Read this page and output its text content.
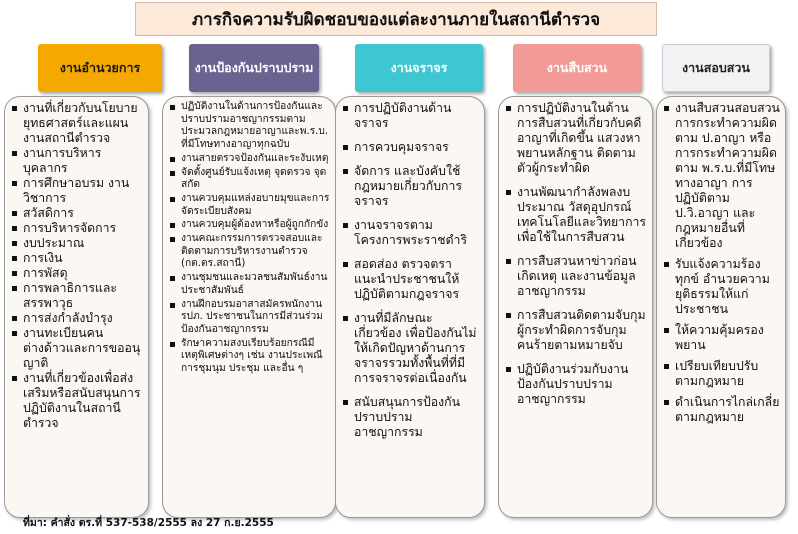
ภารกิจความรับผิดชอบของแต่ละงานภายในสถานีตำรวจ
งานอำนวยการ	งานป้องกันปราบปราม	งานจราจร	งานสืบสวน	งานสอบสวน
งานที่เกี่ยวกับนโยบายยุทธศาสตร์และแผนงานสถานีตำรวจ
งานการบริหารบุคลากร
การศึกษาอบรม งานวิชาการ
สวัสดิการ
การบริหารจัดการ
งบประมาณ
การเงิน
การพัสดุ
การพลาธิการและสรรพาวุธ
การส่งกำลังบำรุง
งานทะเบียนคนต่างด้าวและการขออนุญาติ
งานที่เกี่ยวข้องเพื่อส่งเสริมหรือสนับสนุนการปฏิบัติงานในสถานีตำรวจ
ปฏิบัติงานในด้านการป้องกันและปราบปรามอาชญากรรมตามประมวลกฎหมายอาญาและพ.ร.บ. ที่มีโทษทางอาญาทุกฉบับ
งานสายตรวจป้องกันและระงับเหตุ
จัดตั้งศูนย์รับแจ้งเหตุ จุดตรวจ จุดสกัด
งานควบคุมแหล่งอบายมุขและการจัดระเบียบสังคม
งานควบคุมผู้ต้องหาหรือผู้ถูกกักขัง
งานคณะกรรมการตรวจสอบและติดตามการบริหารงานตำรวจ (กต.ตร.สถานี)
งานชุมชนและมวลชนสัมพันธ์งานประชาสัมพันธ์
งานฝึกอบรมอาสาสมัครพนักงาน รปภ. ประชาชนในการมีส่วนร่วมป้องกันอาชญากรรม
รักษาความสงบเรียบร้อยกรณีมีเหตุพิเศษต่างๆ เช่น งานประเพณี การชุมนุม ประชุม และอื่น ๆ
การปฏิบัติงานด้านจราจร
การควบคุมจราจร
จัดการ และบังคับใช้กฎหมายเกี่ยวกับการจราจร
งานจราจรตามโครงการพระราชดำริ
สอดส่อง ตรวจตรา แนะนำประชาชนให้ปฏิบัติตามกฎจราจร
งานที่มีลักษณะเกี่ยวข้อง เพื่อป้องกันไม่ให้เกิดปัญหาด้านการจราจรรวมทั้งพื้นที่ที่มีการจราจรต่อเนื่องกัน
สนับสนุนการป้องกันปราบปรามอาชญากรรม
การปฏิบัติงานในด้านการสืบสวนที่เกี่ยวกับคดีอาญาที่เกิดขึ้น แสวงหาพยานหลักฐาน ติดตามตัวผู้กระทำผิด
งานพัฒนากำลังพลงบประมาณ วัสดุอุปกรณ์ เทคโนโลยีและวิทยาการ เพื่อใช้ในการสืบสวน
การสืบสวนหาข่าวก่อนเกิดเหตุ และงานข้อมูลอาชญากรรม
การสืบสวนติดตามจับกุมผู้กระทำผิดการจับกุมคนร้ายตามหมายจับ
ปฏิบัติงานร่วมกับงานป้องกันปราบปรามอาชญากรรม
งานสืบสวนสอบสวนการกระทำความผิดตาม ป.อาญา หรือการกระทำความผิดตาม พ.ร.บ.ที่มีโทษทางอาญา การปฏิบัติตาม ป.วิ.อาญา และกฎหมายอื่นที่เกี่ยวข้อง
รับแจ้งความร้องทุกข์ อำนวยความยุติธรรมให้แก่ประชาชน
ให้ความคุ้มครองพยาน
เปรียบเทียบปรับตามกฎหมาย
ดำเนินการไกล่เกลี่ยตามกฎหมาย
ที่มา: คำสั่ง ตร.ที่ 537-538/2555 ลง 27 ก.ย.2555
